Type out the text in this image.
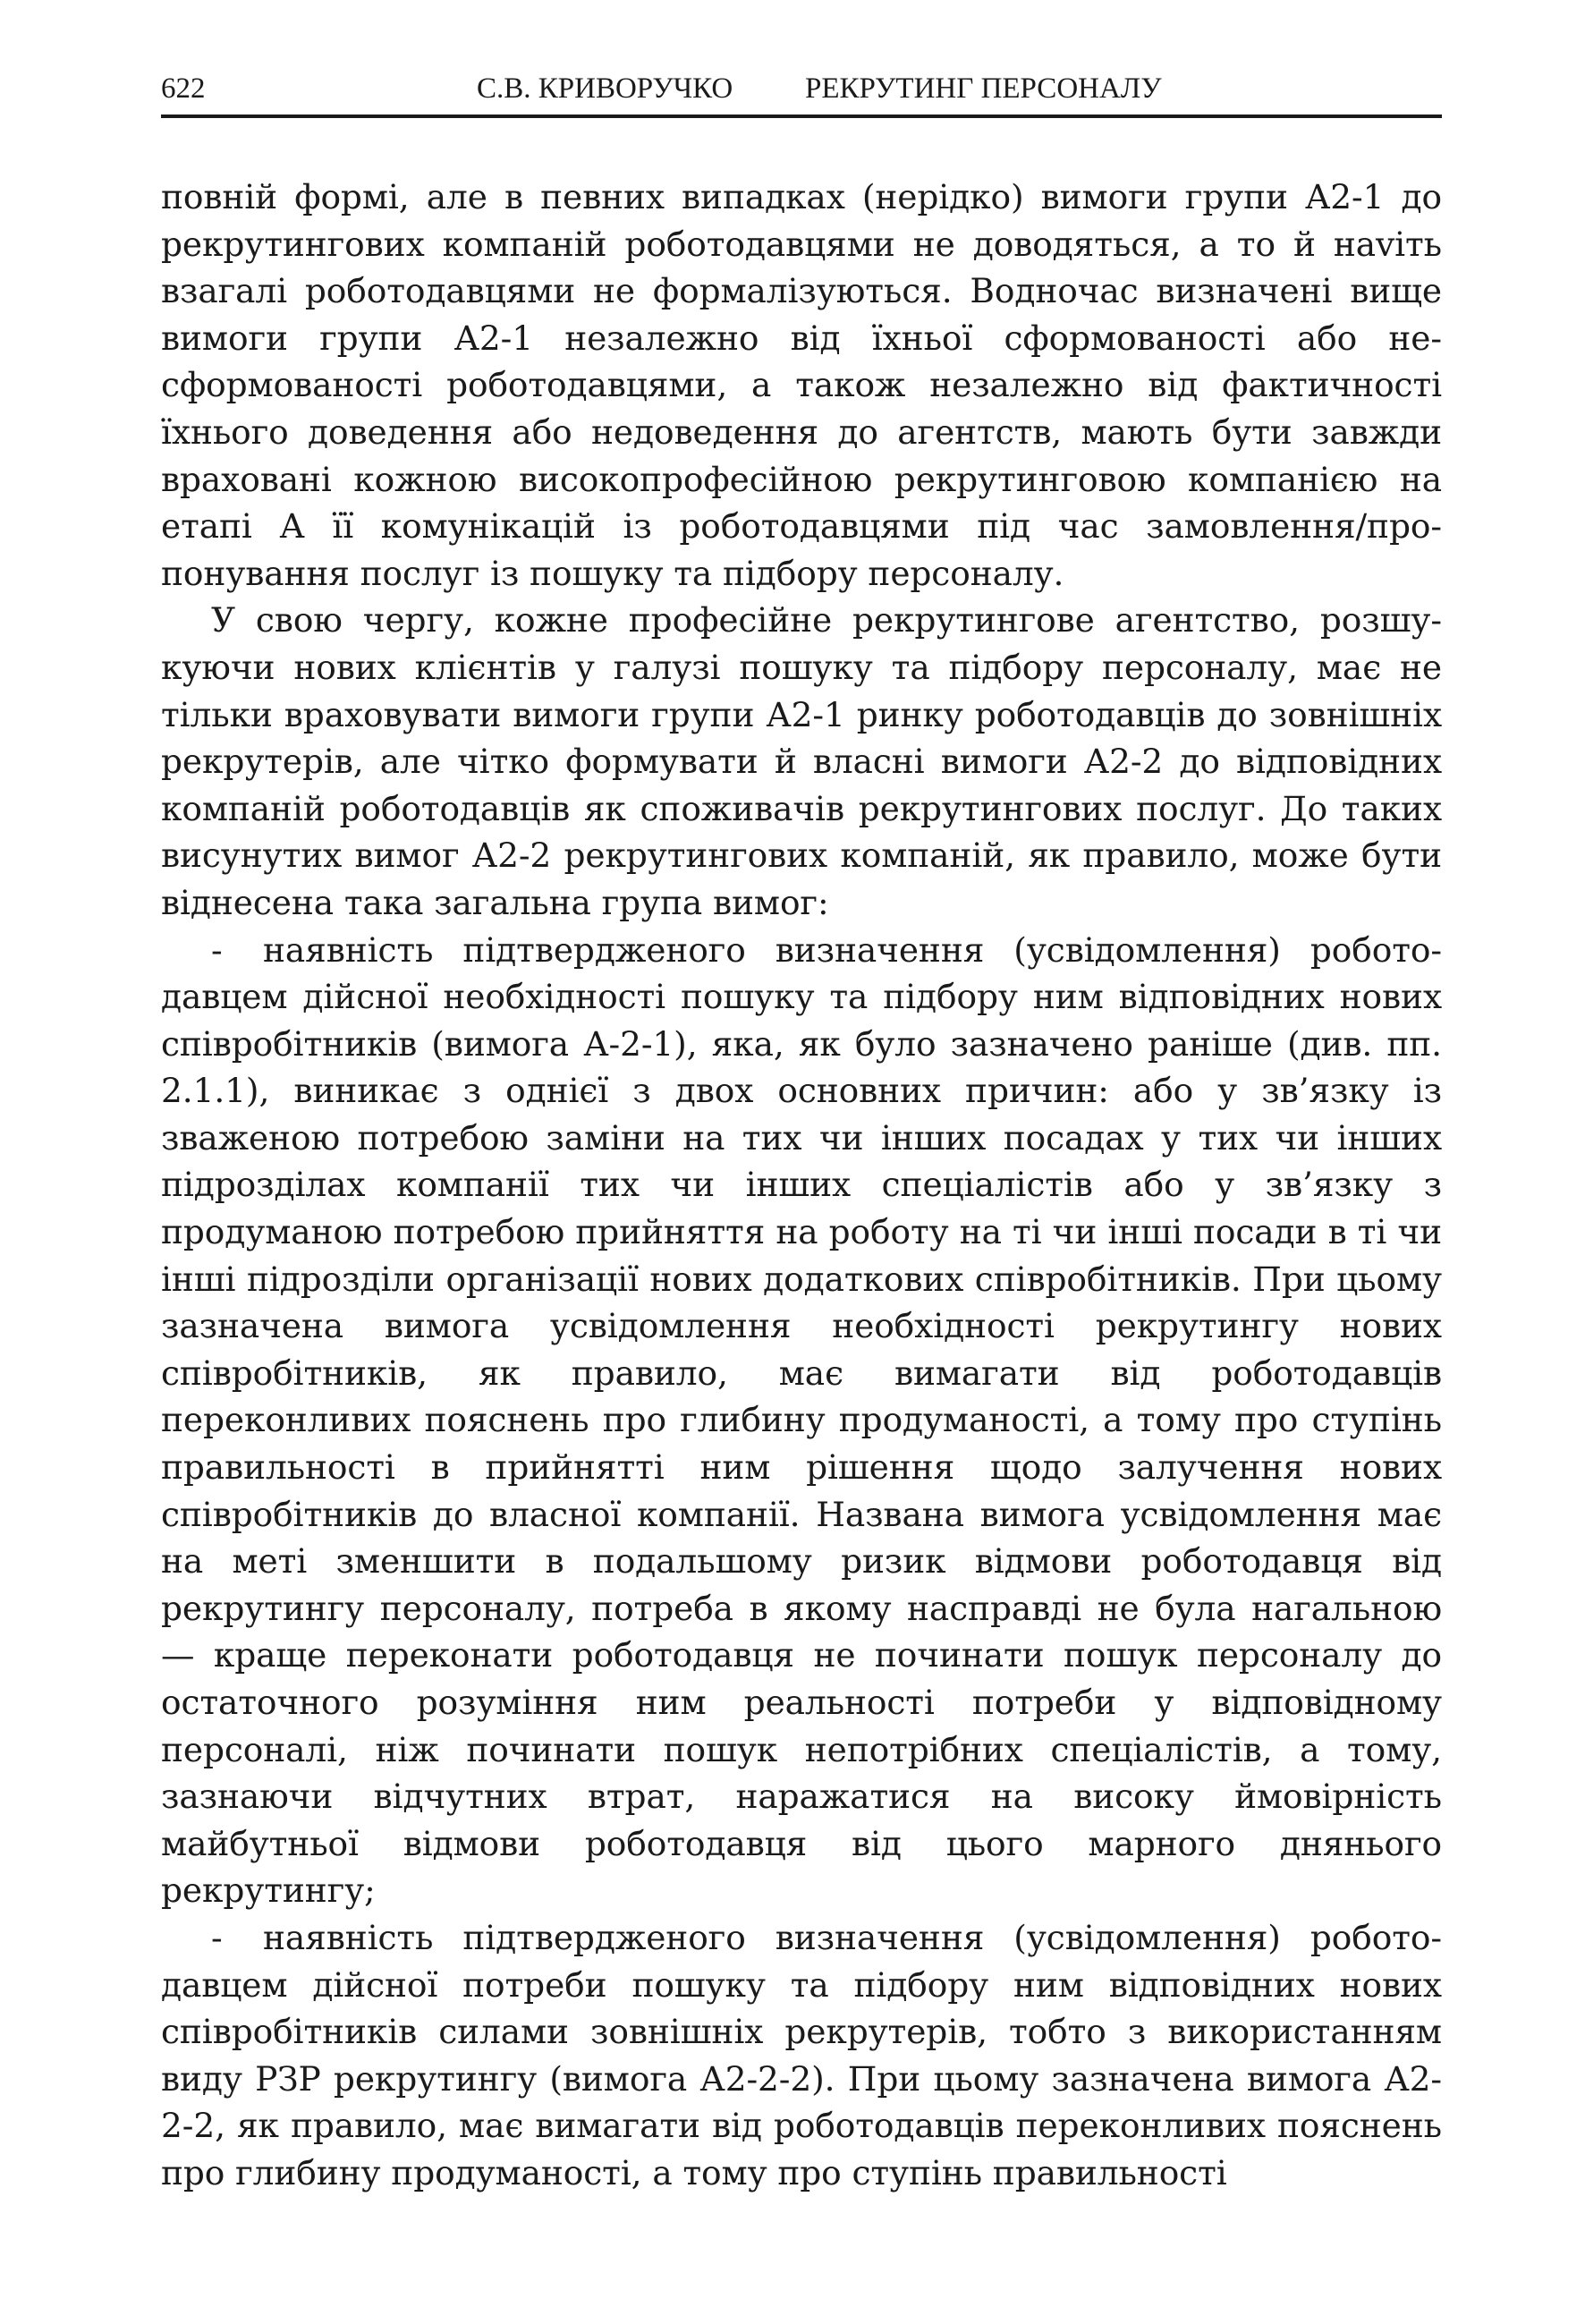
622	С.В. КРИВОРУЧКО РЕКРУТИНГ ПЕРСОНАЛУ

повній формі, але в певних випадках (нерідко) вимоги групи А2-1 до рекрутингових компаній роботодавцями не доводяться, а то й наvіть взагалі роботодавцями не формалізуються. Водночас визначені вище вимоги групи А2-1 незалежно від їхньої сформованості або несформованості роботодавцями, а також незалежно від фактичності їхнього доведення або недоведення до агентств, мають бути завжди враховані кожною високопрофесійною рекрутинговою компанією на етапі А її комунікацій із роботодавцями під час замовлення/пропонування послуг із пошуку та підбору персоналу.

У свою чергу, кожне професійне рекрутингове агентство, розшукуючи нових клієнтів у галузі пошуку та підбору персоналу, має не тільки враховувати вимоги групи А2-1 ринку роботодавців до зовнішніх рекрутерів, але чітко формувати й власні вимоги А2-2 до відповідних компаній роботодавців як споживачів рекрутингових послуг. До таких висунутих вимог А2-2 рекрутингових компаній, як правило, може бути віднесена така загальна група вимог:

- наявність підтвердженого визначення (усвідомлення) роботодавцем дійсної необхідності пошуку та підбору ним відповідних нових співробітників (вимога А-2-1), яка, як було зазначено раніше (див. пп. 2.1.1), виникає з однієї з двох основних причин: або у зв’язку із зваженою потребою заміни на тих чи інших посадах у тих чи інших підрозділах компанії тих чи інших спеціалістів або у зв’язку з продуманою потребою прийняття на роботу на ті чи інші посади в ті чи інші підрозділи організації нових додаткових співробітників. При цьому зазначена вимога усвідомлення необхідності рекрутингу нових співробітників, як правило, має вимагати від роботодавців переконливих пояснень про глибину продуманості, а тому про ступінь правильності в прийнятті ним рішення щодо залучення нових співробітників до власної компанії. Названа вимога усвідомлення має на меті зменшити в подальшому ризик відмови роботодавця від рекрутингу персоналу, потреба в якому насправді не була нагальною — краще переконати роботодавця не починати пошук персоналу до остаточного розуміння ним реальності потреби у відповідному персоналі, ніж починати пошук непотрібних спеціалістів, а тому, зазнаючи відчутних втрат, наражатися на високу ймовірність майбутньої відмови роботодавця від цього марного днянього рекрутингу;

- наявність підтвердженого визначення (усвідомлення) роботодавцем дійсної потреби пошуку та підбору ним відповідних нових співробітників силами зовнішніх рекрутерів, тобто з використанням виду РЗР рекрутингу (вимога А2-2-2). При цьому зазначена вимога А2-2-2, як правило, має вимагати від роботодавців переконливих пояснень про глибину продуманості, а тому про ступінь правильності
